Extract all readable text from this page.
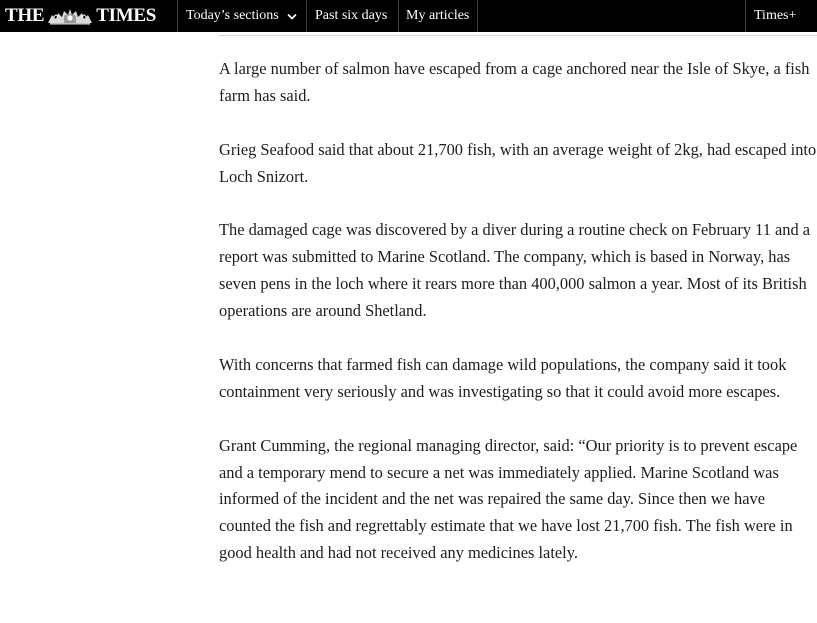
THE	TIMES Today’s sections	Past six days My articles	Times+

A large number of salmon have escaped from a cage anchored near the Isle of Skye, a fish farm has said.

Grieg Seafood said that about 21,700 fish, with an average weight of 2kg, had escaped into Loch Snizort.

The damaged cage was discovered by a diver during a routine check on February 11 and a report was submitted to Marine Scotland. The company, which is based in Norway, has seven pens in the loch where it rears more than 400,000 salmon a year. Most of its British operations are around Shetland.

With concerns that farmed fish can damage wild populations, the company said it took containment very seriously and was investigating so that it could avoid more escapes.

Grant Cumming, the regional managing director, said: “Our priority is to prevent escape and a temporary mend to secure a net was immediately applied. Marine Scotland was informed of the incident and the net was repaired the same day. Since then we have counted the fish and regrettably estimate that we have lost 21,700 fish. The fish were in good health and had not received any medicines lately.
